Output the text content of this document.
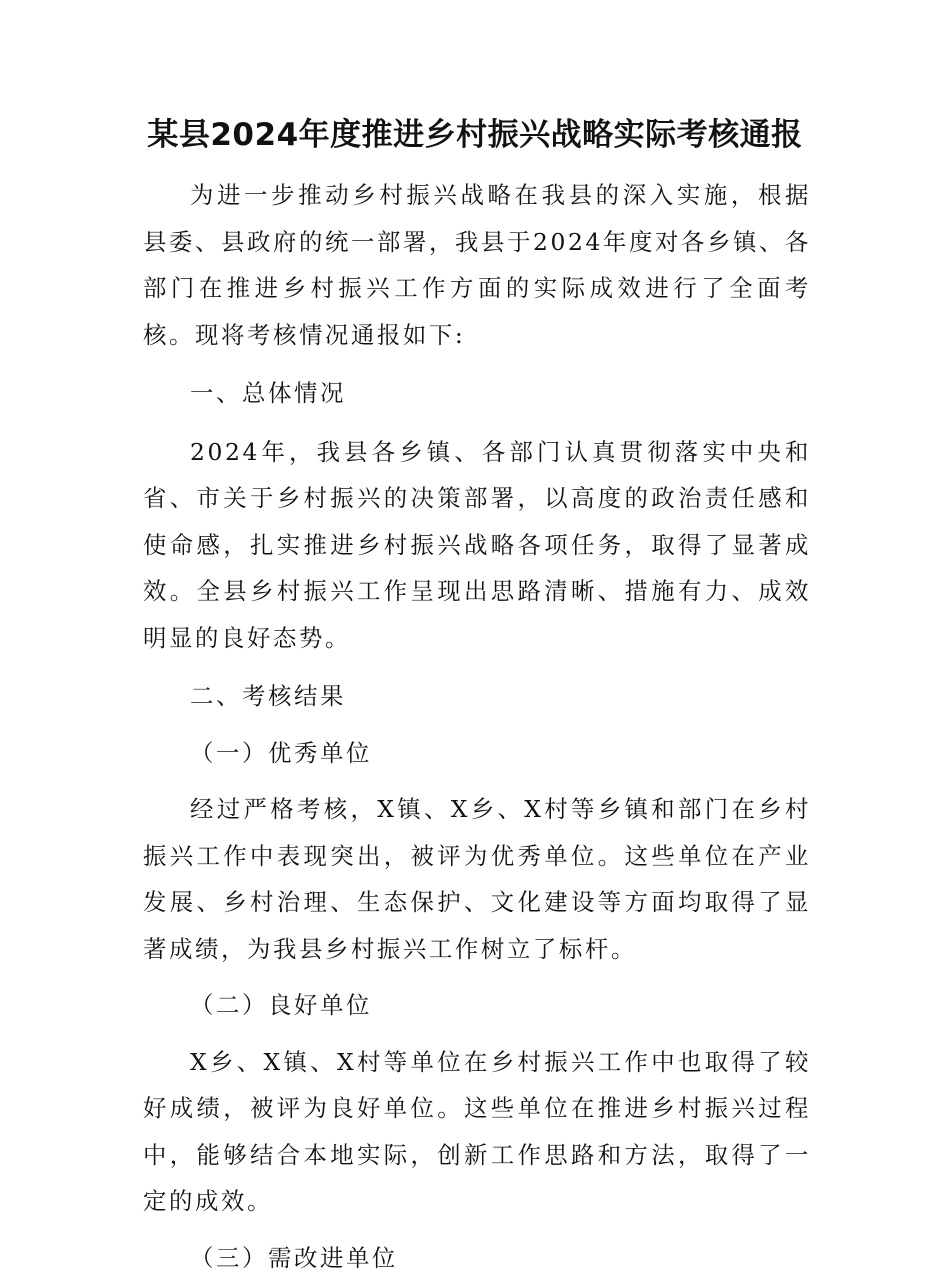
某县2024年度推进乡村振兴战略实际考核通报

为进一步推动乡村振兴战略在我县的深入实施，根据县委、县政府的统一部署，我县于2024年度对各乡镇、各部门在推进乡村振兴工作方面的实际成效进行了全面考核。现将考核情况通报如下:

一、总体情况

2024年，我县各乡镇、各部门认真贯彻落实中央和省、市关于乡村振兴的决策部署，以高度的政治责任感和使命感，扎实推进乡村振兴战略各项任务，取得了显著成效。全县乡村振兴工作呈现出思路清晰、措施有力、成效明显的良好态势。

二、考核结果

（一）优秀单位

经过严格考核，X镇、X乡、X村等乡镇和部门在乡村振兴工作中表现突出，被评为优秀单位。这些单位在产业发展、乡村治理、生态保护、文化建设等方面均取得了显著成绩，为我县乡村振兴工作树立了标杆。

（二）良好单位

X乡、X镇、X村等单位在乡村振兴工作中也取得了较好成绩，被评为良好单位。这些单位在推进乡村振兴过程中，能够结合本地实际，创新工作思路和方法，取得了一定的成效。

（三）需改进单位
